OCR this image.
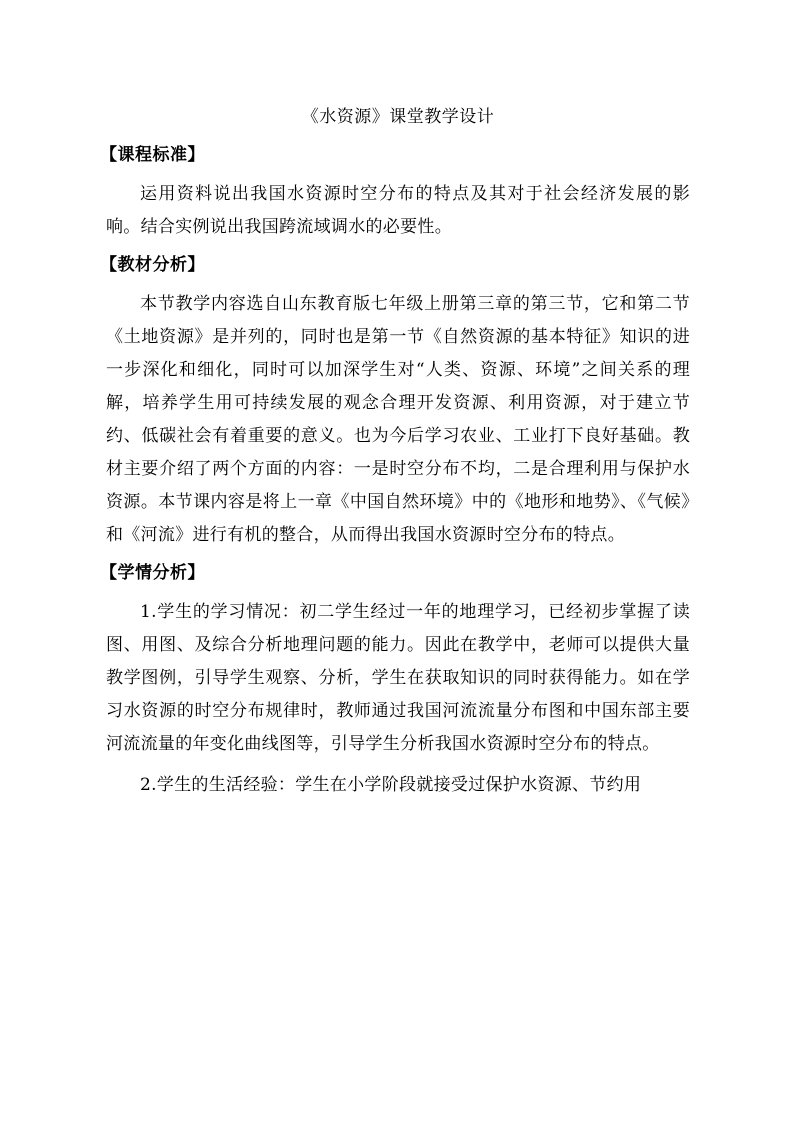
《水资源》课堂教学设计
【课程标准】

运用资料说出我国水资源时空分布的特点及其对于社会经济发展的影响。结合实例说出我国跨流域调水的必要性。

【教材分析】

本节教学内容选自山东教育版七年级上册第三章的第三节，它和第二节《土地资源》是并列的，同时也是第一节《自然资源的基本特征》知识的进一步深化和细化，同时可以加深学生对“人类、资源、环境”之间关系的理解，培养学生用可持续发展的观念合理开发资源、利用资源，对于建立节约、低碳社会有着重要的意义。也为今后学习农业、工业打下良好基础。教材主要介绍了两个方面的内容：一是时空分布不均，二是合理利用与保护水资源。本节课内容是将上一章《中国自然环境》中的《地形和地势》、《气候》和《河流》进行有机的整合，从而得出我国水资源时空分布的特点。

【学情分析】

1.学生的学习情况：初二学生经过一年的地理学习，已经初步掌握了读图、用图、及综合分析地理问题的能力。因此在教学中，老师可以提供大量教学图例，引导学生观察、分析，学生在获取知识的同时获得能力。如在学习水资源的时空分布规律时，教师通过我国河流流量分布图和中国东部主要河流流量的年变化曲线图等，引导学生分析我国水资源时空分布的特点。

2.学生的生活经验：学生在小学阶段就接受过保护水资源、节约用
